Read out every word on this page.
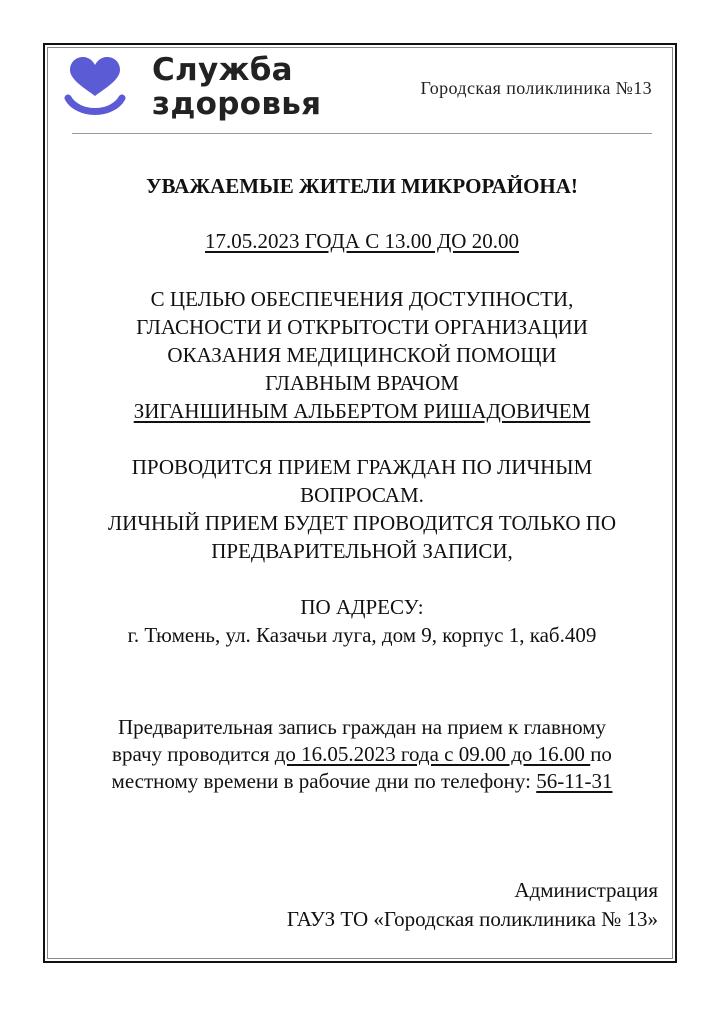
Служба
здоровья	Городская поликлиника №13
УВАЖАЕМЫЕ ЖИТЕЛИ МИКРОРАЙОНА!
17.05.2023 ГОДА С 13.00 ДО 20.00
С ЦЕЛЬЮ ОБЕСПЕЧЕНИЯ ДОСТУПНОСТИ,
ГЛАСНОСТИ И ОТКРЫТОСТИ ОРГАНИЗАЦИИ
ОКАЗАНИЯ МЕДИЦИНСКОЙ ПОМОЩИ
ГЛАВНЫМ ВРАЧОМ
ЗИГАНШИНЫМ АЛЬБЕРТОМ РИШАДОВИЧЕМ
ПРОВОДИТСЯ ПРИЕМ ГРАЖДАН ПО ЛИЧНЫМ
ВОПРОСАМ.
ЛИЧНЫЙ ПРИЕМ БУДЕТ ПРОВОДИТСЯ ТОЛЬКО ПО
ПРЕДВАРИТЕЛЬНОЙ ЗАПИСИ,
ПО АДРЕСУ:
г. Тюмень, ул. Казачьи луга, дом 9, корпус 1, каб.409
Предварительная запись граждан на прием к главному
врачу проводится до 16.05.2023 года с 09.00 до 16.00 по
местному времени в рабочие дни по телефону: 56-11-31
Администрация
ГАУЗ ТО «Городская поликлиника № 13»
